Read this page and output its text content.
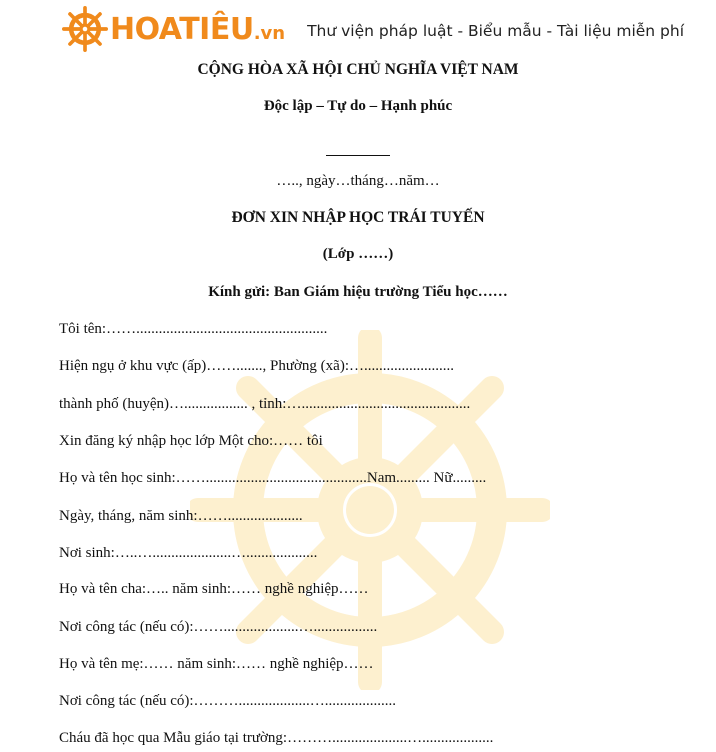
HOATIÊU .vn Thư viện pháp luật - Biểu mẫu - Tài liệu miễn phí
CỘNG HÒA XÃ HỘI CHỦ NGHĨA VIỆT NAM
Độc lập – Tự do – Hạnh phúc
….., ngày…tháng…năm…
ĐƠN XIN NHẬP HỌC TRÁI TUYẾN
(Lớp ……)
Kính gửi: Ban Giám hiệu trường Tiểu học……
Tôi tên:……...................................................
Hiện ngụ ở khu vực (ấp)……......., Phường (xã):…........................
thành phố (huyện)…................. , tỉnh:….............................................
Xin đăng ký nhập học lớp Một cho:…… tôi
Họ và tên học sinh:……...........................................Nam......... Nữ.........
Ngày, tháng, năm sinh:……....................
Nơi sinh:…..….....................…...................
Họ và tên cha:….. năm sinh:…… nghề nghiệp……
Nơi công tác (nếu có):……....................….................
Họ và tên mẹ:…… năm sinh:…… nghề nghiệp……
Nơi công tác (nếu có):………...................…...................
Cháu đã học qua Mẫu giáo tại trường:………....................…...................
